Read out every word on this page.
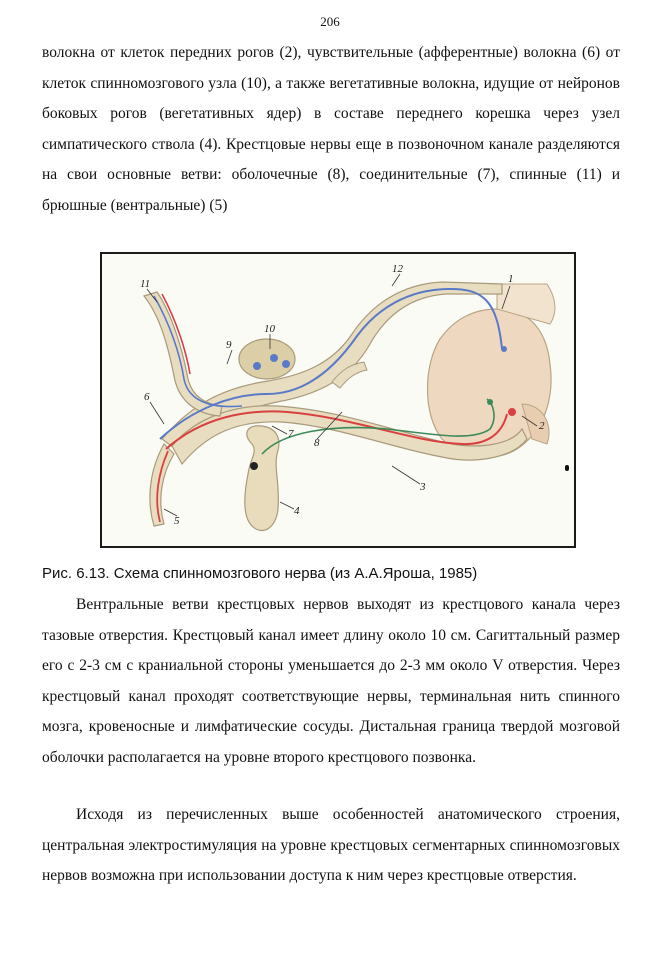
206

волокна от клеток передних рогов (2), чувствительные (афферентные) волокна (6) от клеток спинномозгового узла (10), а также вегетативные волокна, идущие от нейронов боковых рогов (вегетативных ядер) в составе переднего корешка через узел симпатического ствола (4). Крестцовые нервы еще в позвоночном канале разделяются на свои основные ветви: оболочечные (8), соединительные (7), спинные (11) и брюшные (вентральные) (5)

11
12
1
10
9
6
7
8
2
3
4
5
Рис. 6.13. Схема спинномозгового нерва (из А.А.Яроша, 1985)

Вентральные ветви крестцовых нервов выходят из крестцового канала через тазовые отверстия. Крестцовый канал имеет длину около 10 см. Сагиттальный размер его с 2-3 см с краниальной стороны уменьшается до 2-3 мм около V отверстия. Через крестцовый канал проходят соответствующие нервы, терминальная нить спинного мозга, кровеносные и лимфатические сосуды. Дистальная граница твердой мозговой оболочки располагается на уровне второго крестцового позвонка.

Исходя из перечисленных выше особенностей анатомического строения, центральная электростимуляция на уровне крестцовых сегментарных спинномозговых нервов возможна при использовании доступа к ним через крестцовые отверстия.
